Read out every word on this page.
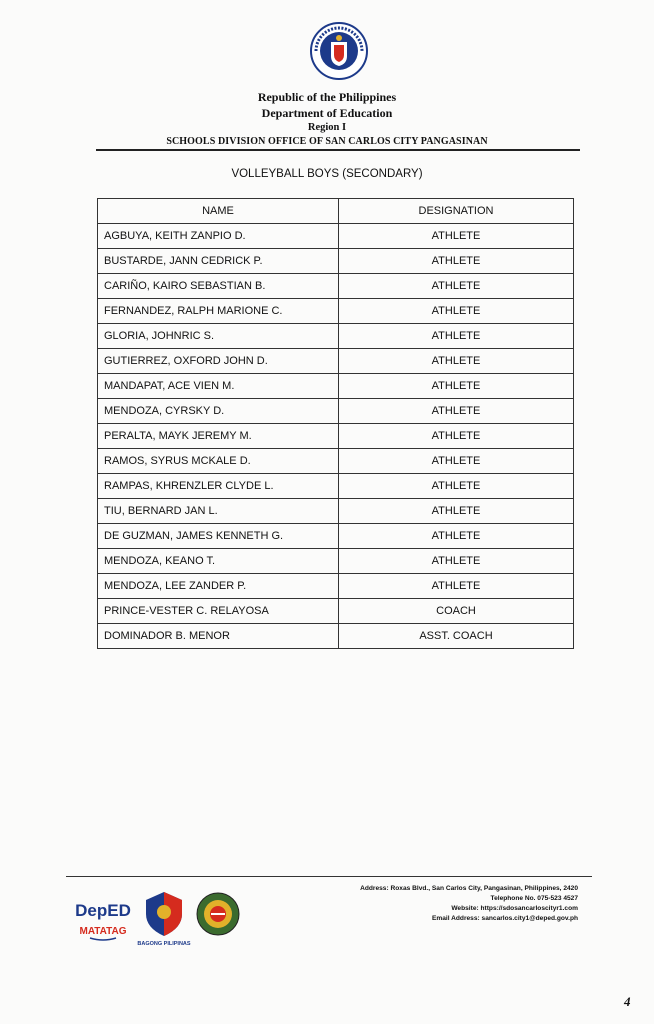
Republic of the Philippines
Department of Education
Region I
SCHOOLS DIVISION OFFICE OF SAN CARLOS CITY PANGASINAN
VOLLEYBALL BOYS (SECONDARY)
NAME	DESIGNATION
AGBUYA, KEITH ZANPIO D.	ATHLETE
BUSTARDE, JANN CEDRICK P.	ATHLETE
CARIÑO, KAIRO SEBASTIAN B.	ATHLETE
FERNANDEZ, RALPH MARIONE C.	ATHLETE
GLORIA, JOHNRIC S.	ATHLETE
GUTIERREZ, OXFORD JOHN D.	ATHLETE
MANDAPAT, ACE VIEN M.	ATHLETE
MENDOZA, CYRSKY D.	ATHLETE
PERALTA, MAYK JEREMY M.	ATHLETE
RAMOS, SYRUS MCKALE D.	ATHLETE
RAMPAS, KHRENZLER CLYDE L.	ATHLETE
TIU, BERNARD JAN L.	ATHLETE
DE GUZMAN, JAMES KENNETH G.	ATHLETE
MENDOZA, KEANO T.	ATHLETE
MENDOZA, LEE ZANDER P.	ATHLETE
PRINCE-VESTER C. RELAYOSA	COACH
DOMINADOR B. MENOR	ASST. COACH
DepED
MATATAG
BAGONG PILIPINAS
Address: Roxas Blvd., San Carlos City, Pangasinan, Philippines, 2420
Telephone No. 075-523 4527
Website: https://sdosancarloscityr1.com
Email Address: sancarlos.city1@deped.gov.ph
4
